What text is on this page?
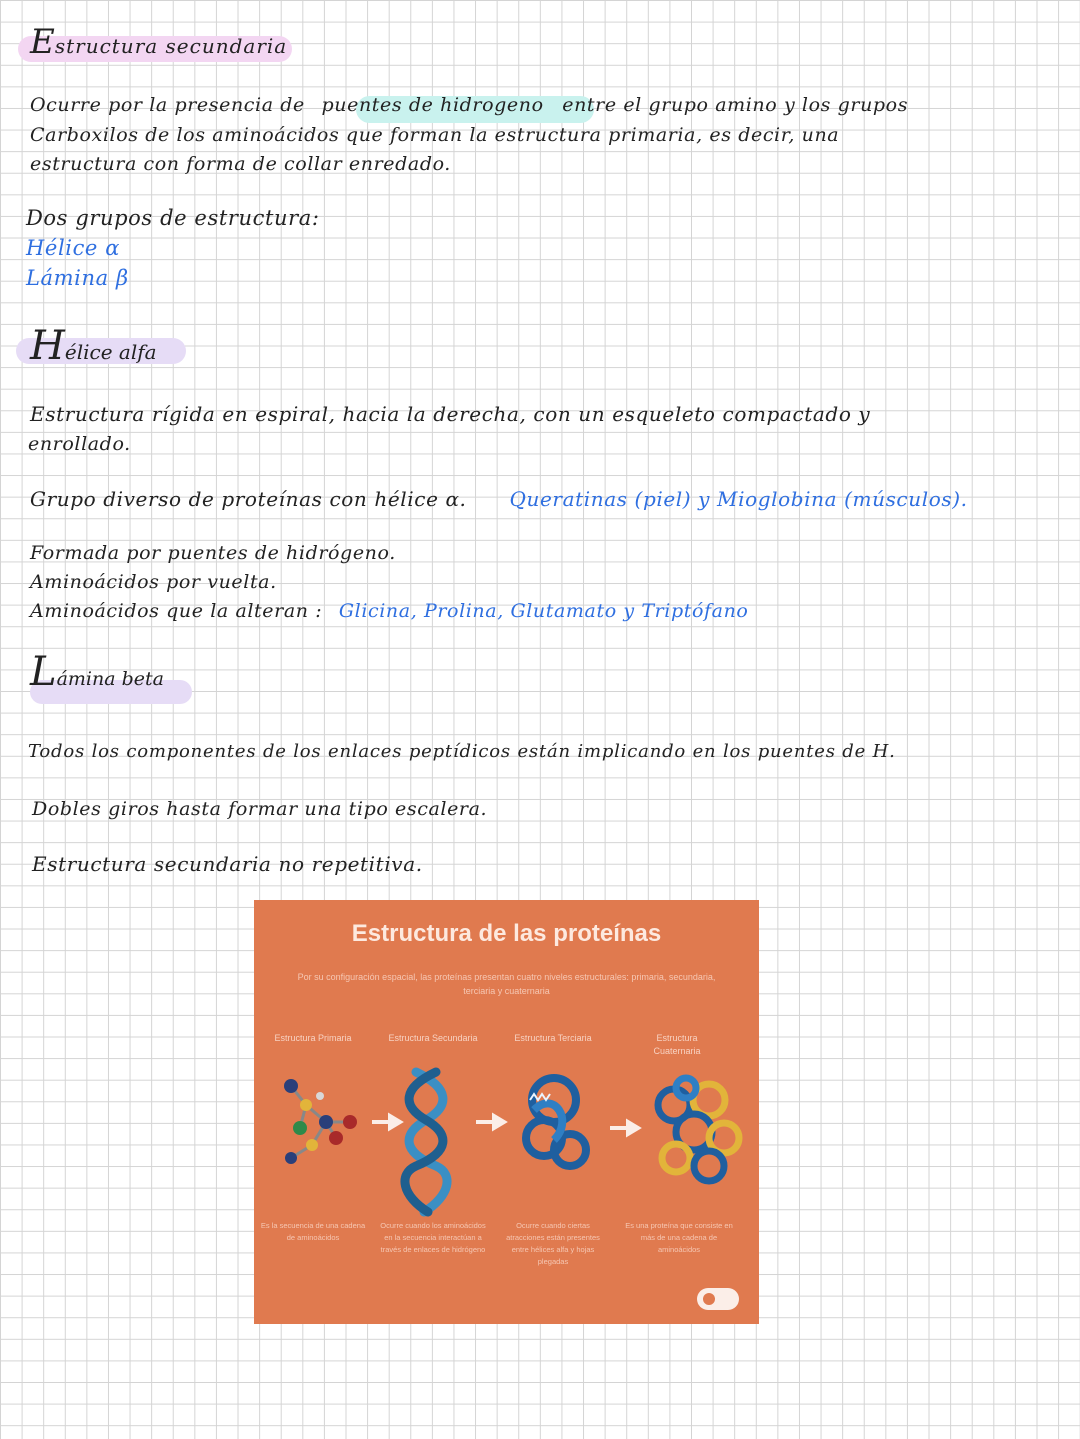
Estructura secundaria
Ocurre por la presencia de puentes de hidrogeno entre el grupo amino y los grupos
Carboxilos de los aminoácidos que forman la estructura primaria, es decir, una
estructura con forma de collar enredado.
Dos grupos de estructura:
Hélice α
Lámina β
Hélice alfa
Estructura rígida en espiral, hacia la derecha, con un esqueleto compactado y
enrollado.
Grupo diverso de proteínas con hélice α. Queratinas (piel) y Mioglobina (músculos).
Formada por puentes de hidrógeno.
Aminoácidos por vuelta.
Aminoácidos que la alteran : Glicina, Prolina, Glutamato y Triptófano
Lámina beta
Todos los componentes de los enlaces peptídicos están implicando en los puentes de H.
Dobles giros hasta formar una tipo escalera.
Estructura secundaria no repetitiva.
Estructura de las proteínas
Por su configuración espacial, las proteínas presentan cuatro niveles estructurales: primaria, secundaria, terciaria y cuaternaria
Estructura Primaria	Estructura Secundaria	Estructura Terciaria	Estructura Cuaternaria
Es la secuencia de una cadena de aminoácidos
Ocurre cuando los aminoácidos en la secuencia interactúan a través de enlaces de hidrógeno
Ocurre cuando ciertas atracciones están presentes entre hélices alfa y hojas plegadas
Es una proteína que consiste en más de una cadena de aminoácidos
